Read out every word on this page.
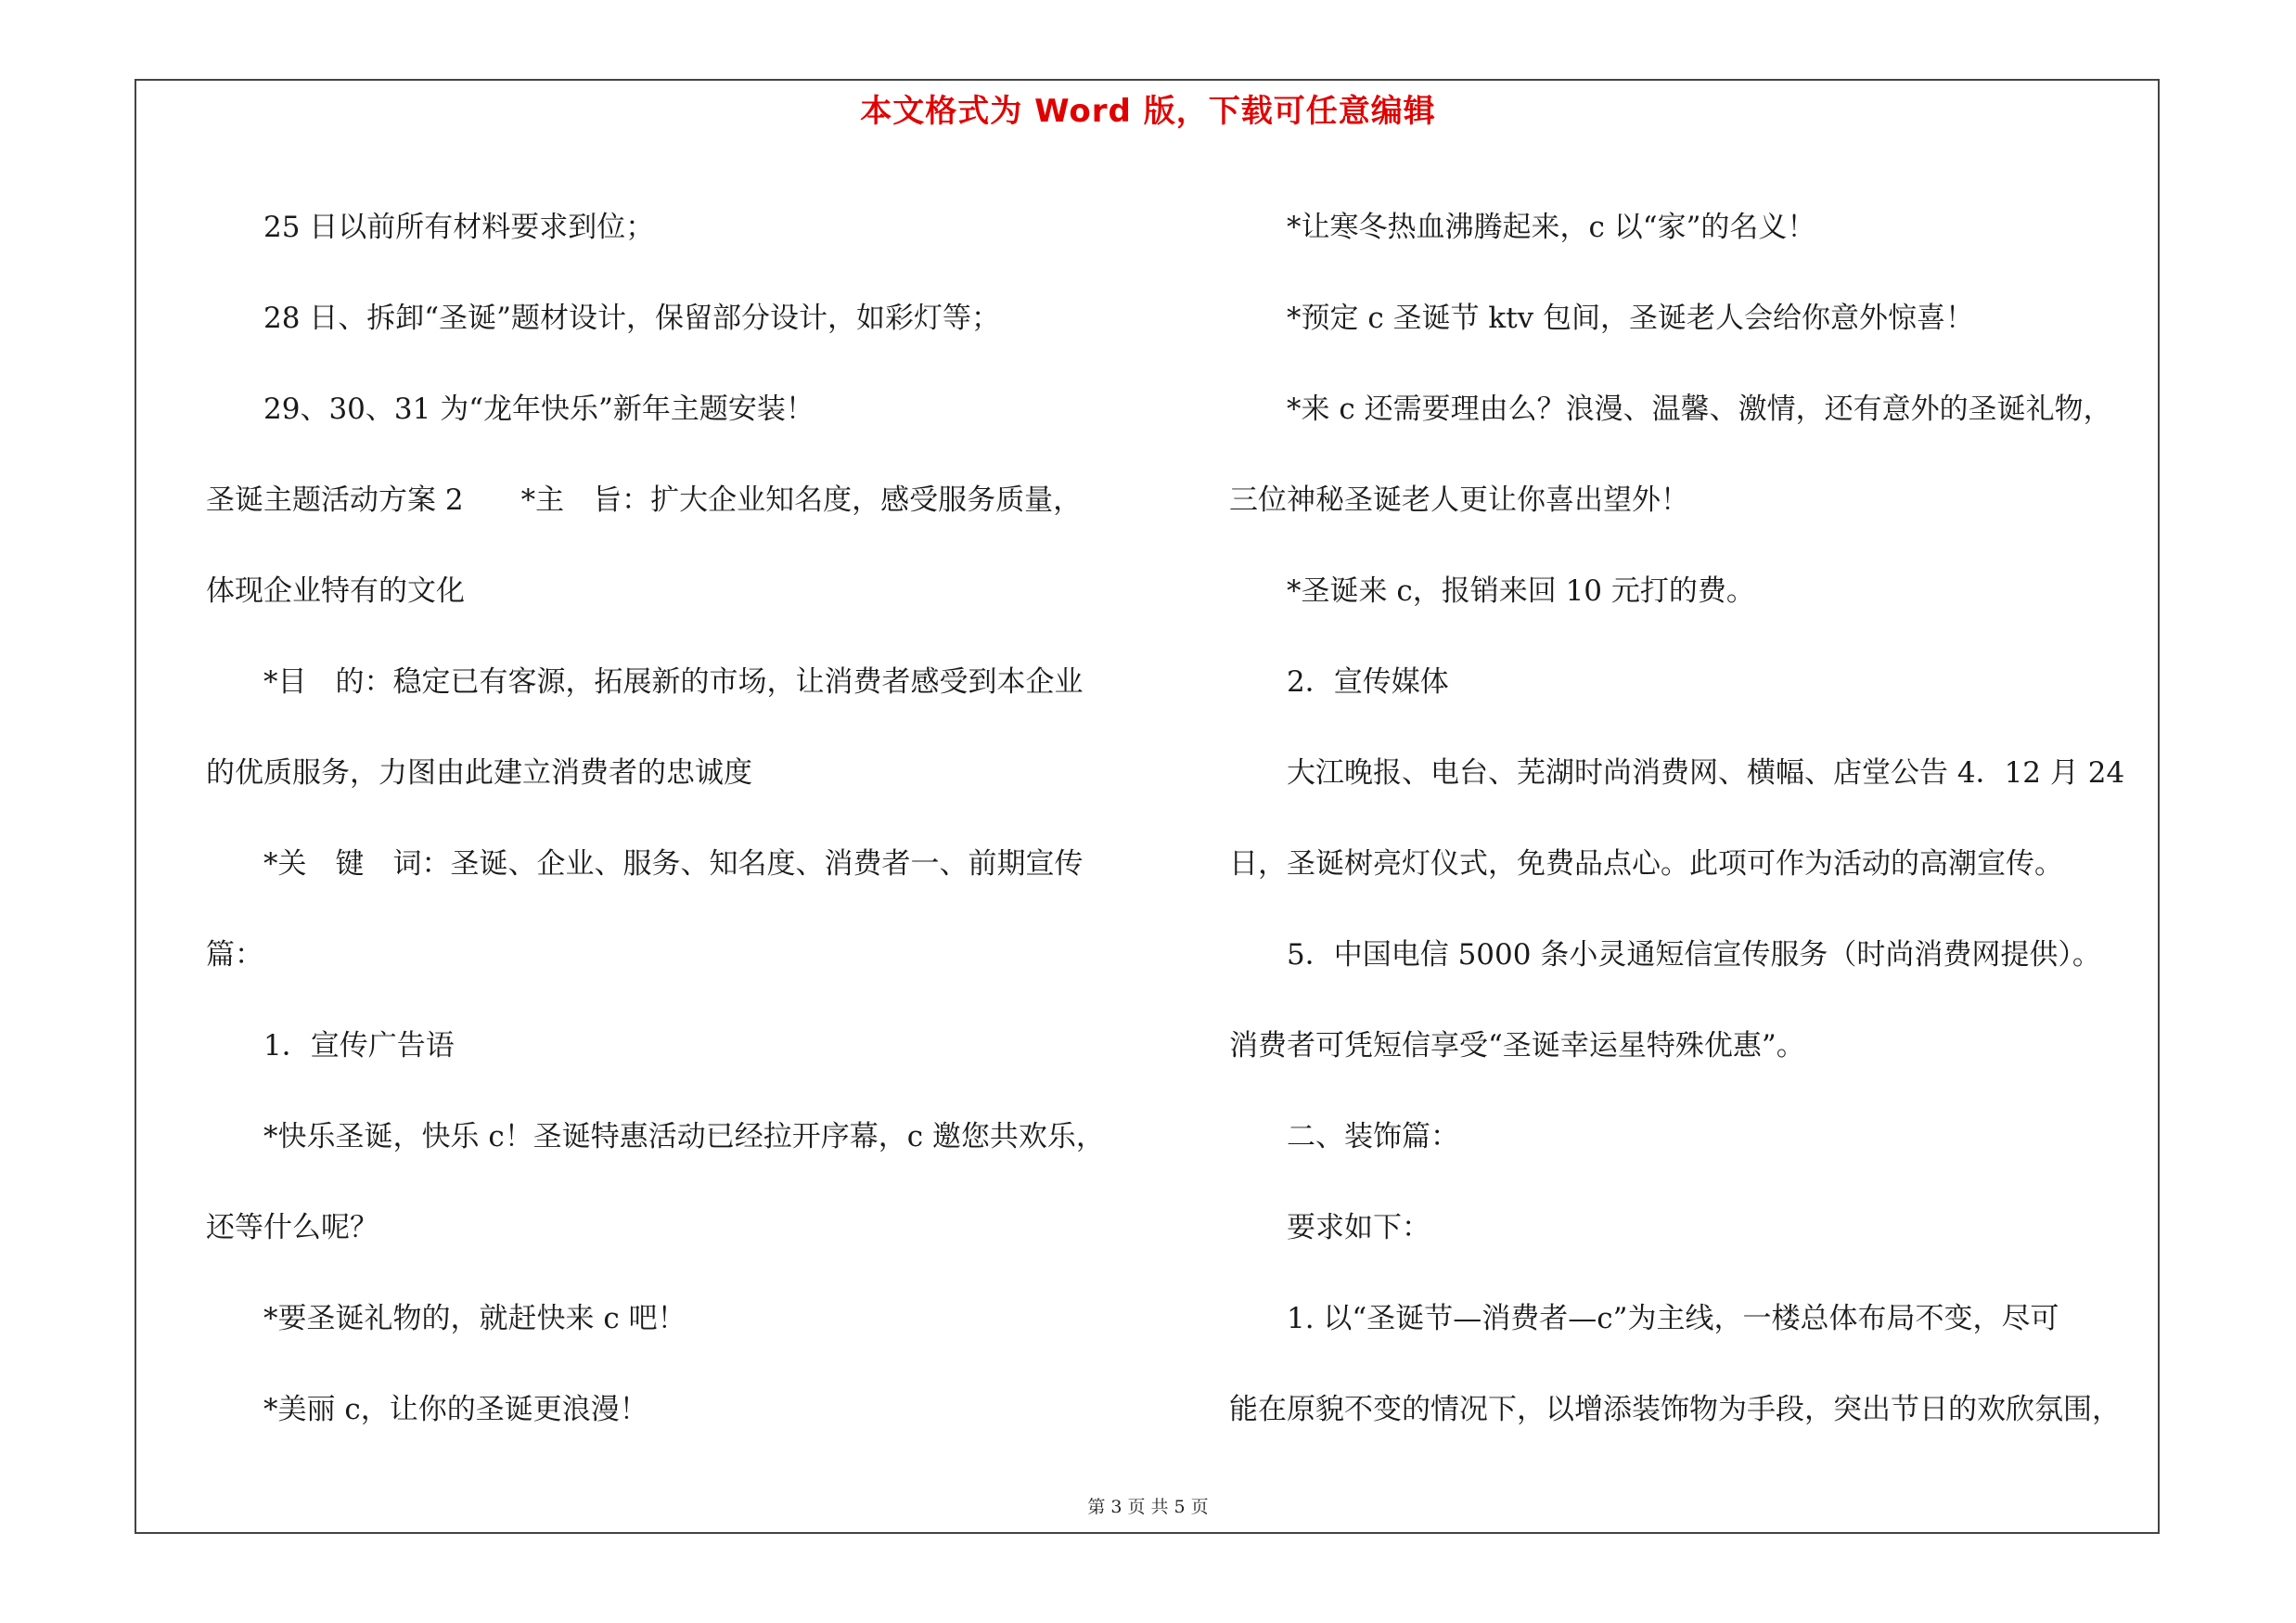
本文格式为 Word 版，下载可任意编辑

25 日以前所有材料要求到位；

28 日、拆卸“圣诞”题材设计，保留部分设计，如彩灯等；

29、30、31 为“龙年快乐”新年主题安装！

圣诞主题活动方案 2　　*主　旨：扩大企业知名度，感受服务质量，

体现企业特有的文化

*目　的：稳定已有客源，拓展新的市场，让消费者感受到本企业

的优质服务，力图由此建立消费者的忠诚度

*关　键　词：圣诞、企业、服务、知名度、消费者一、前期宣传

篇：

1．宣传广告语

*快乐圣诞，快乐 c！圣诞特惠活动已经拉开序幕，c 邀您共欢乐，

还等什么呢？

*要圣诞礼物的，就赶快来 c 吧！

*美丽 c，让你的圣诞更浪漫！

*让寒冬热血沸腾起来，c 以“家”的名义！

*预定 c 圣诞节 ktv 包间，圣诞老人会给你意外惊喜！

*来 c 还需要理由么？浪漫、温馨、激情，还有意外的圣诞礼物，

三位神秘圣诞老人更让你喜出望外！

*圣诞来 c，报销来回 10 元打的费。

2．宣传媒体

大江晚报、电台、芜湖时尚消费网、横幅、店堂公告 4．12 月 24

日，圣诞树亮灯仪式，免费品点心。此项可作为活动的高潮宣传。

5．中国电信 5000 条小灵通短信宣传服务（时尚消费网提供）。

消费者可凭短信享受“圣诞幸运星特殊优惠”。

二、装饰篇：

要求如下：

1. 以“圣诞节—消费者—c”为主线，一楼总体布局不变，尽可

能在原貌不变的情况下，以增添装饰物为手段，突出节日的欢欣氛围，

第 3 页 共 5 页
